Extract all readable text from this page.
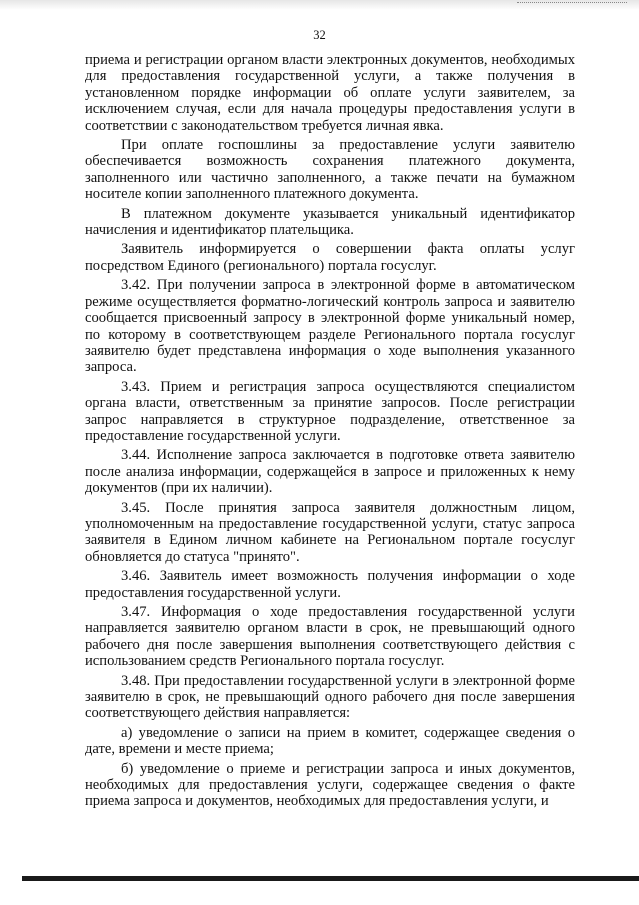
32

приема и регистрации органом власти электронных документов, необходимых для предоставления государственной услуги, а также получения в установленном порядке информации об оплате услуги заявителем, за исключением случая, если для начала процедуры предоставления услуги в соответствии с законодательством требуется личная явка.

При оплате госпошлины за предоставление услуги заявителю обеспечивается возможность сохранения платежного документа, заполненного или частично заполненного, а также печати на бумажном носителе копии заполненного платежного документа.

В платежном документе указывается уникальный идентификатор начисления и идентификатор плательщика.

Заявитель информируется о совершении факта оплаты услуг посредством Единого (регионального) портала госуслуг.

3.42. При получении запроса в электронной форме в автоматическом режиме осуществляется форматно-логический контроль запроса и заявителю сообщается присвоенный запросу в электронной форме уникальный номер, по которому в соответствующем разделе Регионального портала госуслуг заявителю будет представлена информация о ходе выполнения указанного запроса.

3.43. Прием и регистрация запроса осуществляются специалистом органа власти, ответственным за принятие запросов. После регистрации запрос направляется в структурное подразделение, ответственное за предоставление государственной услуги.

3.44. Исполнение запроса заключается в подготовке ответа заявителю после анализа информации, содержащейся в запросе и приложенных к нему документов (при их наличии).

3.45. После принятия запроса заявителя должностным лицом, уполномоченным на предоставление государственной услуги, статус запроса заявителя в Едином личном кабинете на Региональном портале госуслуг обновляется до статуса "принято".

3.46. Заявитель имеет возможность получения информации о ходе предоставления государственной услуги.

3.47. Информация о ходе предоставления государственной услуги направляется заявителю органом власти в срок, не превышающий одного рабочего дня после завершения выполнения соответствующего действия с использованием средств Регионального портала госуслуг.

3.48. При предоставлении государственной услуги в электронной форме заявителю в срок, не превышающий одного рабочего дня после завершения соответствующего действия направляется:

а) уведомление о записи на прием в комитет, содержащее сведения о дате, времени и месте приема;

б) уведомление о приеме и регистрации запроса и иных документов, необходимых для предоставления услуги, содержащее сведения о факте приема запроса и документов, необходимых для предоставления услуги, и
